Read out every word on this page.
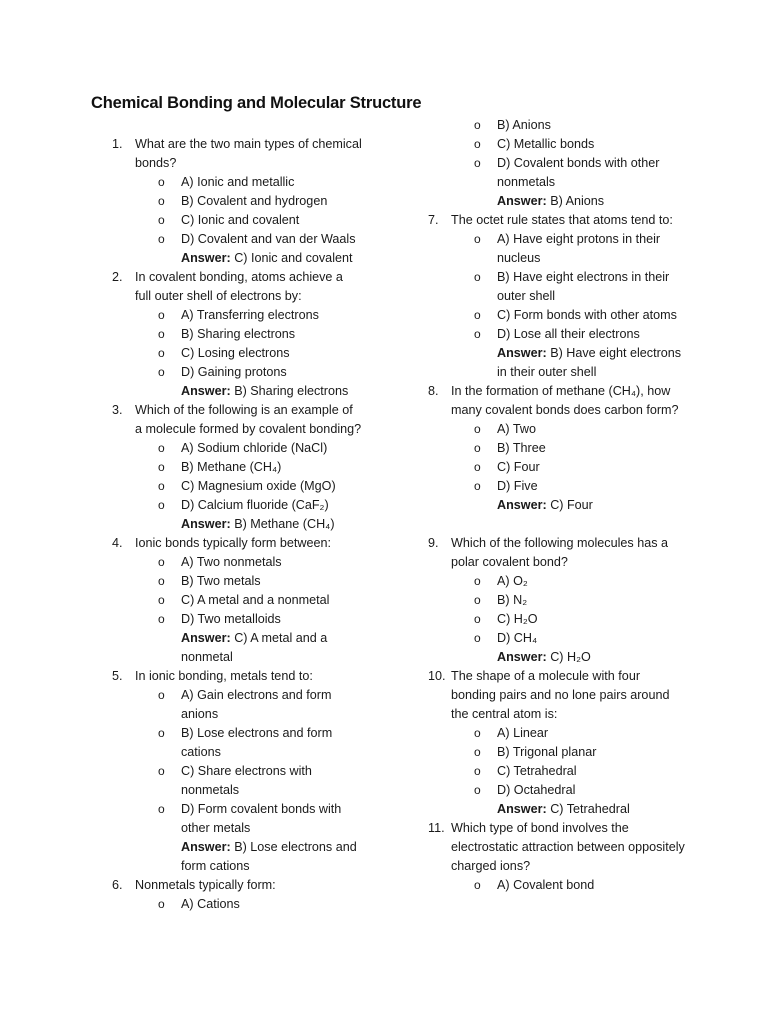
Chemical Bonding and Molecular Structure
1. What are the two main types of chemical bonds?
o A) Ionic and metallic
o B) Covalent and hydrogen
o C) Ionic and covalent
o D) Covalent and van der Waals
Answer: C) Ionic and covalent
2. In covalent bonding, atoms achieve a full outer shell of electrons by:
o A) Transferring electrons
o B) Sharing electrons
o C) Losing electrons
o D) Gaining protons
Answer: B) Sharing electrons
3. Which of the following is an example of a molecule formed by covalent bonding?
o A) Sodium chloride (NaCl)
o B) Methane (CH₄)
o C) Magnesium oxide (MgO)
o D) Calcium fluoride (CaF₂)
Answer: B) Methane (CH₄)
4. Ionic bonds typically form between:
o A) Two nonmetals
o B) Two metals
o C) A metal and a nonmetal
o D) Two metalloids
Answer: C) A metal and a nonmetal
5. In ionic bonding, metals tend to:
o A) Gain electrons and form anions
o B) Lose electrons and form cations
o C) Share electrons with nonmetals
o D) Form covalent bonds with other metals
Answer: B) Lose electrons and form cations
6. Nonmetals typically form:
o A) Cations
o B) Anions
o C) Metallic bonds
o D) Covalent bonds with other nonmetals
Answer: B) Anions
7. The octet rule states that atoms tend to:
o A) Have eight protons in their nucleus
o B) Have eight electrons in their outer shell
o C) Form bonds with other atoms
o D) Lose all their electrons
Answer: B) Have eight electrons in their outer shell
8. In the formation of methane (CH₄), how many covalent bonds does carbon form?
o A) Two
o B) Three
o C) Four
o D) Five
Answer: C) Four
9. Which of the following molecules has a polar covalent bond?
o A) O₂
o B) N₂
o C) H₂O
o D) CH₄
Answer: C) H₂O
10. The shape of a molecule with four bonding pairs and no lone pairs around the central atom is:
o A) Linear
o B) Trigonal planar
o C) Tetrahedral
o D) Octahedral
Answer: C) Tetrahedral
11. Which type of bond involves the electrostatic attraction between oppositely charged ions?
o A) Covalent bond
